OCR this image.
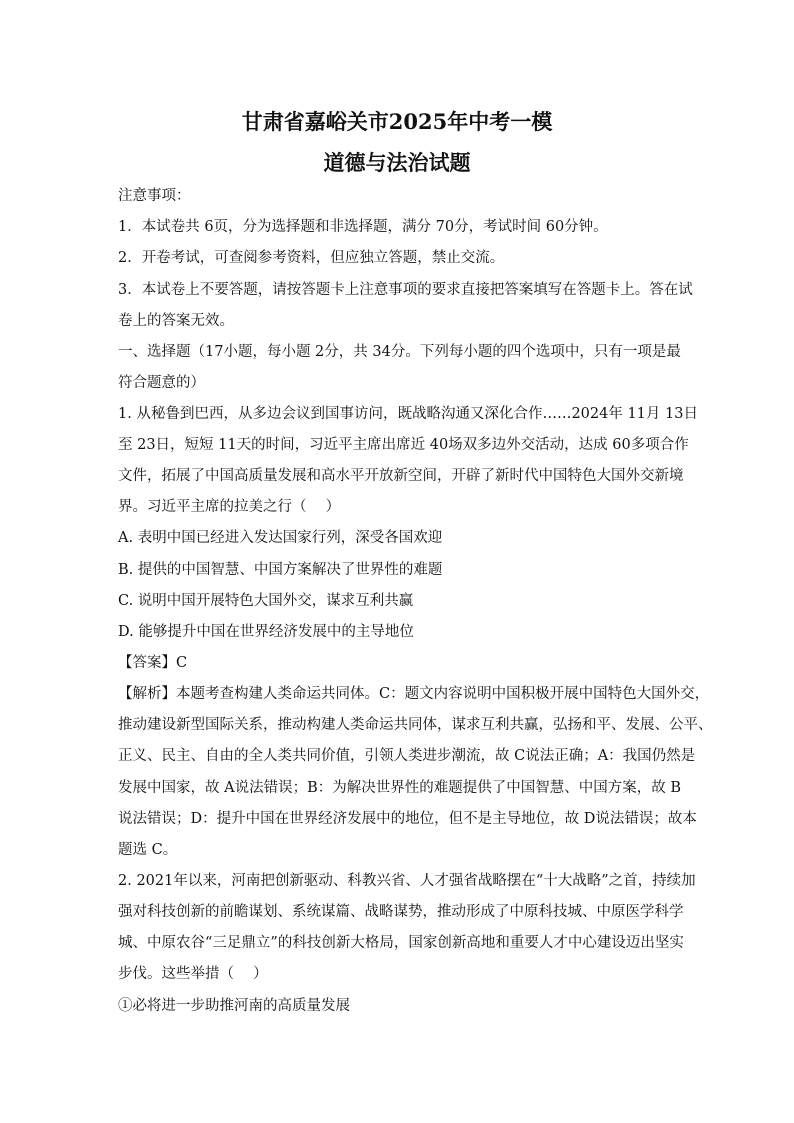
甘肃省嘉峪关市2025年中考一模
道德与法治试题
注意事项：
1．本试卷共 6页，分为选择题和非选择题，满分 70分，考试时间 60分钟。
2．开卷考试，可查阅参考资料，但应独立答题，禁止交流。
3．本试卷上不要答题，请按答题卡上注意事项的要求直接把答案填写在答题卡上。答在试
卷上的答案无效。
一、选择题（17小题，每小题 2分，共 34分。下列每小题的四个选项中，只有一项是最
符合题意的）
1. 从秘鲁到巴西，从多边会议到国事访问，既战略沟通又深化合作……2024年 11月 13日
至 23日，短短 11天的时间，习近平主席出席近 40场双多边外交活动，达成 60多项合作
文件，拓展了中国高质量发展和高水平开放新空间，开辟了新时代中国特色大国外交新境
界。习近平主席的拉美之行（　 ）
A. 表明中国已经进入发达国家行列，深受各国欢迎
B. 提供的中国智慧、中国方案解决了世界性的难题
C. 说明中国开展特色大国外交，谋求互利共赢
D. 能够提升中国在世界经济发展中的主导地位
【答案】C
【解析】本题考查构建人类命运共同体。C：题文内容说明中国积极开展中国特色大国外交，
推动建设新型国际关系，推动构建人类命运共同体，谋求互利共赢，弘扬和平、发展、公平、
正义、民主、自由的全人类共同价值，引领人类进步潮流，故 C说法正确；A：我国仍然是
发展中国家，故 A说法错误；B：为解决世界性的难题提供了中国智慧、中国方案，故 B
说法错误；D：提升中国在世界经济发展中的地位，但不是主导地位，故 D说法错误；故本
题选 C。
2. 2021年以来，河南把创新驱动、科教兴省、人才强省战略摆在“十大战略”之首，持续加
强对科技创新的前瞻谋划、系统谋篇、战略谋势，推动形成了中原科技城、中原医学科学
城、中原农谷“三足鼎立”的科技创新大格局，国家创新高地和重要人才中心建设迈出坚实
步伐。这些举措（　 ）
①必将进一步助推河南的高质量发展
